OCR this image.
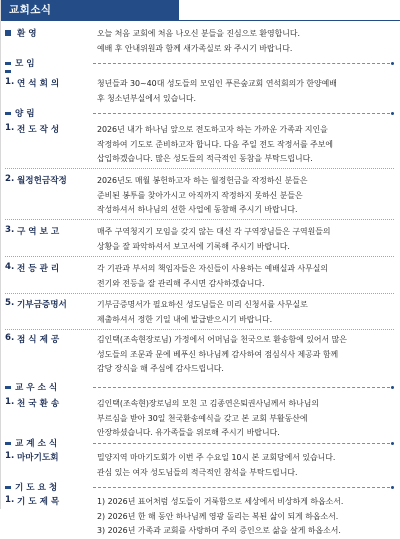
교회소식
환 영	오늘 처음 교회에 처음 나오신 분들을 진심으로 환영합니다.
예배 후 안내위원과 함께 새가족실로 와 주시기 바랍니다.
모 임
1. 연 석 회 의	청년들과 30~40대 성도들의 모임인 푸른숲교회 연석회의가 한양예배
후 청소년부실에서 있습니다.
양 림
1. 전 도 작 성	2026년 내가 하나님 앞으로 전도하고자 하는 가까운 가족과 지인을
작정하여 기도로 준비하고자 합니다. 다음 주일 전도 작정서를 주보에
삽입하겠습니다. 많은 성도들의 적극적인 동참을 부탁드립니다.
2. 월정헌금작정	2026년도 매월 봉헌하고자 하는 월정헌금을 작정하신 분들은
준비된 봉투를 찾아가시고 아직까지 작정하지 못하신 분들은
작성하셔서 하나님의 선한 사업에 동참해 주시기 바랍니다.
3. 구 역 보 고	매주 구역청지기 모임을 갖지 않는 대신 각 구역장님들은 구역원들의
상황을 잘 파악하셔서 보고서에 기록해 주시기 바랍니다.
4. 전 등 관 리	각 기관과 부서의 책임자들은 자신들이 사용하는 예배실과 사무실의
전기와 전등을 잘 관리해 주시면 감사하겠습니다.
5. 기부금증명서	기부금증명서가 필요하신 성도님들은 미리 신청서를 사무실로
제출하셔서 정한 기일 내에 발급받으시기 바랍니다.
6. 점 식 제 공	김인택(조속현장로님) 가정에서 어머님을 천국으로 환송함에 있어서 많은
성도들의 조문과 문에 베푸신 하나님께 감사하여 점심식사 제공과 함께
감당 장식을 해 주심에 감사드립니다.
교 우 소 식
1. 천 국 환 송	김인택(조속현)장로님의 모친 고 김종연은퇴권사님께서 하나님의
부르심을 받아 30일 천국환송예식을 갖고 본 교회 부활동산에
안장하셨습니다. 유가족들을 위로해 주시기 바랍니다.
교 계 소 식
1. 마마기도회	밀양지역 마마기도회가 이번 주 수요일 10시 본 교회당에서 있습니다.
관심 있는 여자 성도님들의 적극적인 참석을 부탁드립니다.
기 도 요 청
1. 기 도 제 목	1) 2026년 표어처럼 성도들이 거룩함으로 세상에서 비상하게 하옵소서.
2) 2026년 한 해 동안 하나님께 영광 돌리는 복된 삶이 되게 하옵소서.
3) 2026년 가족과 교회를 사랑하며 주의 증인으로 삶을 살게 하옵소서.
